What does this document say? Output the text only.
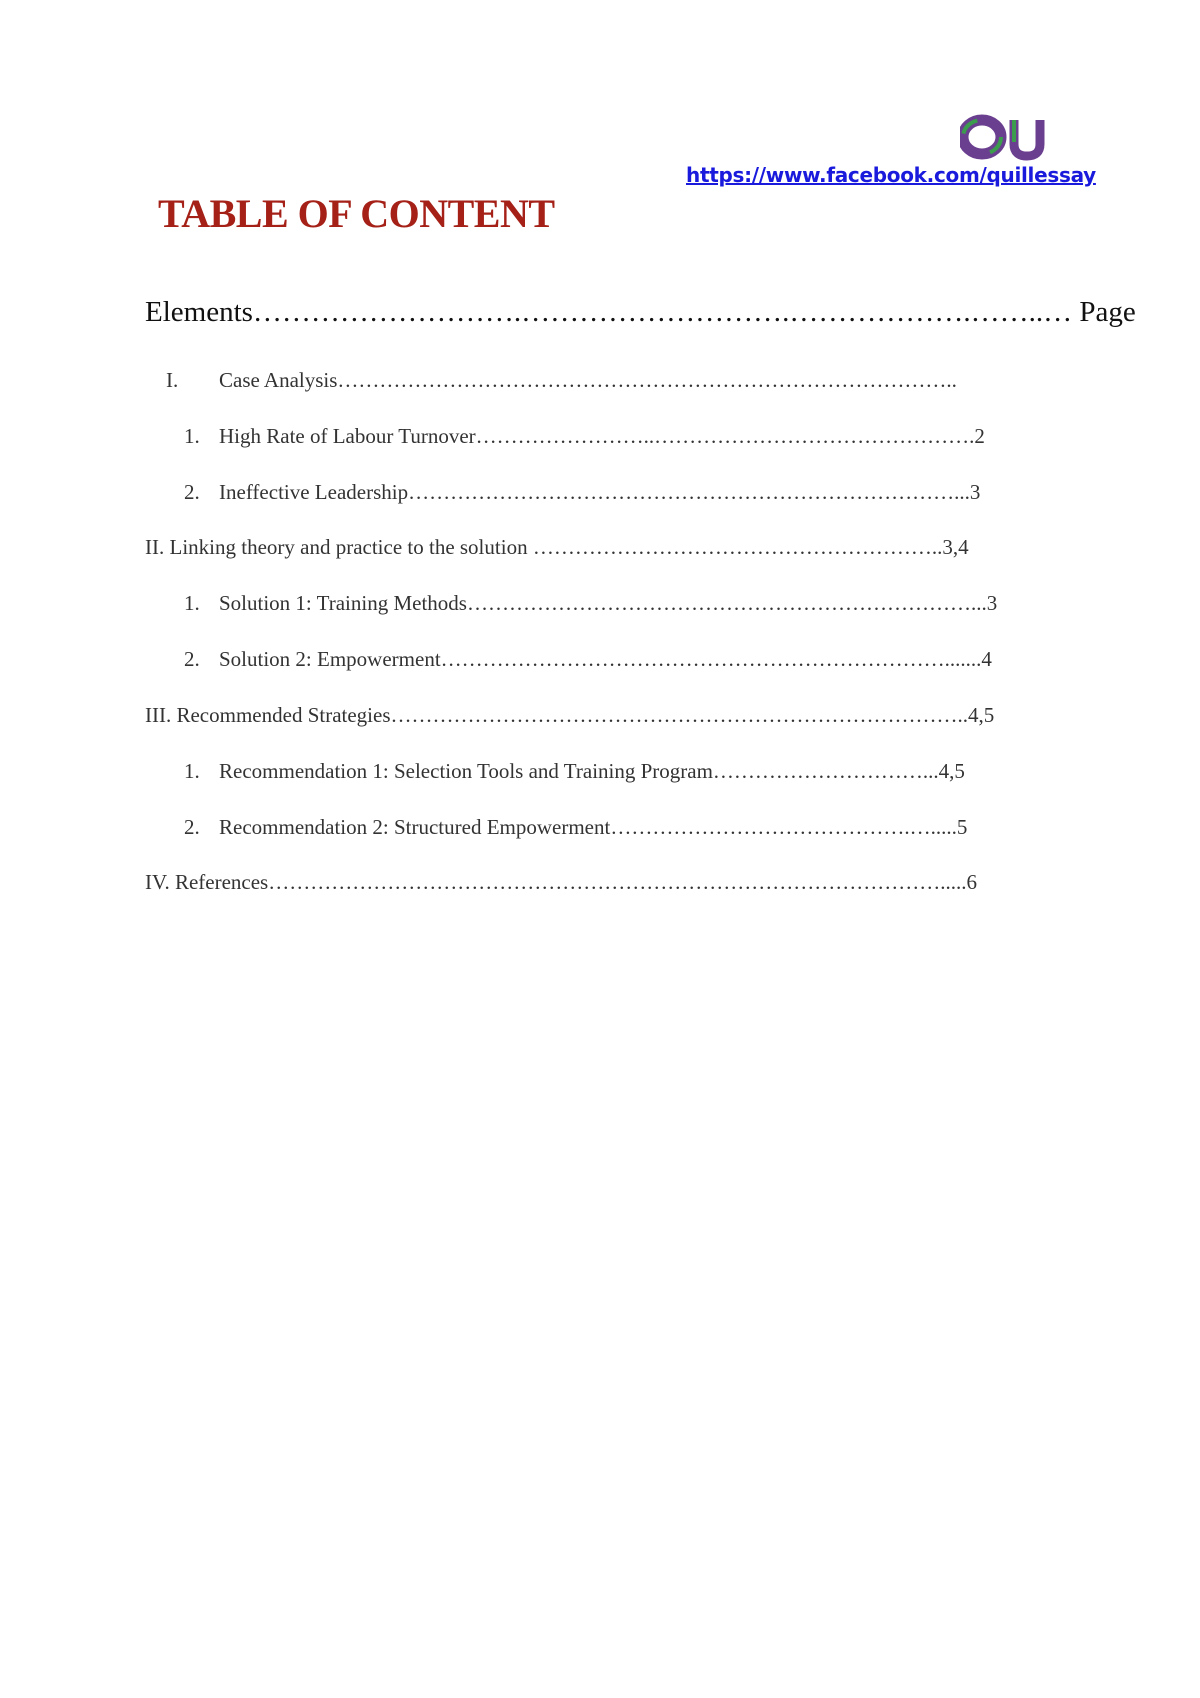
https://www.facebook.com/quillessay
TABLE OF CONTENT
Elements……………………….……………………….……………….……..… Page
I. Case Analysis……………………………………………………………………………..
1. High Rate of Labour Turnover……………………..……………………………………….2
2. Ineffective Leadership……………………………………………………………………...3
II. Linking theory and practice to the solution …………………………………………………..3,4
1. Solution 1: Training Methods………………………………………………………………...3
2. Solution 2: Empowerment……………………………………………………………….......4
III. Recommended Strategies………………………………………………………………………..4,5
1. Recommendation 1: Selection Tools and Training Program…………………………...4,5
2. Recommendation 2: Structured Empowerment…………………………………….….....5
IV. References…………………………………………………………………………………….....6
